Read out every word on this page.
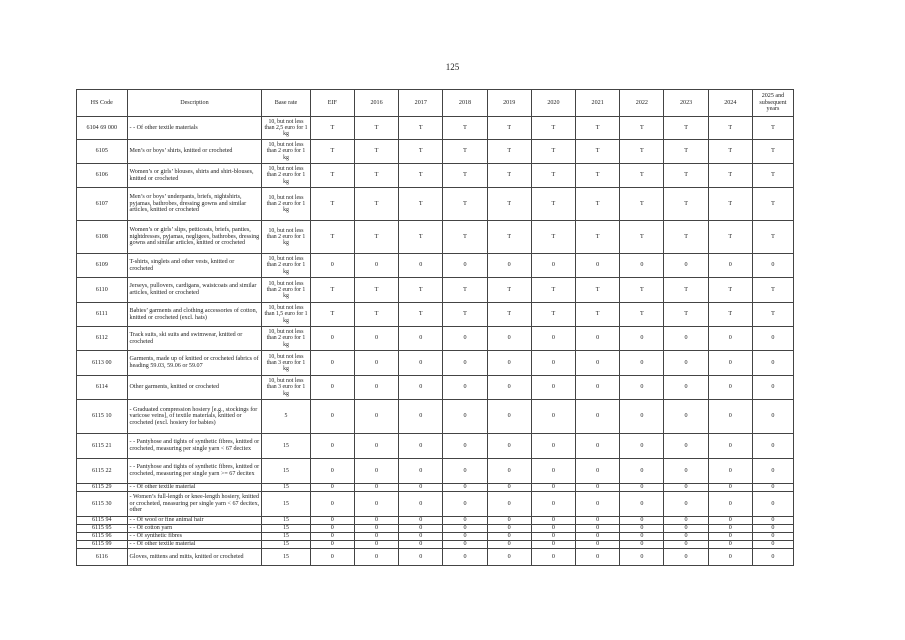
125
HS Code	Description	Base rate	EIF	2016	2017	2018	2019	2020	2021	2022	2023	2024	2025 and subsequent years
6104 69 000	- - Of other textile materials	10, but not less than 2,5 euro for 1 kg	T	T	T	T	T	T	T	T	T	T	T
6105	Men’s or boys’ shirts, knitted or crocheted	10, but not less than 2 euro for 1 kg	T	T	T	T	T	T	T	T	T	T	T
6106	Women’s or girls’ blouses, shirts and shirt-blouses, knitted or crocheted	10, but not less than 2 euro for 1 kg	T	T	T	T	T	T	T	T	T	T	T
6107	Men’s or boys’ underpants, briefs, nightshirts, pyjamas, bathrobes, dressing gowns and similar articles, knitted or crocheted	10, but not less than 2 euro for 1 kg	T	T	T	T	T	T	T	T	T	T	T
6108	Women’s or girls’ slips, petticoats, briefs, panties, nightdresses, pyjamas, negligees, bathrobes, dressing gowns and similar articles, knitted or crocheted	10, but not less than 2 euro for 1 kg	T	T	T	T	T	T	T	T	T	T	T
6109	T-shirts, singlets and other vests, knitted or crocheted	10, but not less than 2 euro for 1 kg	0	0	0	0	0	0	0	0	0	0	0
6110	Jerseys, pullovers, cardigans, waistcoats and similar articles, knitted or crocheted	10, but not less than 2 euro for 1 kg	T	T	T	T	T	T	T	T	T	T	T
6111	Babies’ garments and clothing accessories of cotton, knitted or crocheted (excl. hats)	10, but not less than 1,5 euro for 1 kg	T	T	T	T	T	T	T	T	T	T	T
6112	Track suits, ski suits and swimwear, knitted or crocheted	10, but not less than 2 euro for 1 kg	0	0	0	0	0	0	0	0	0	0	0
6113 00	Garments, made up of knitted or crocheted fabrics of heading 59.03, 59.06 or 59.07	10, but not less than 3 euro for 1 kg	0	0	0	0	0	0	0	0	0	0	0
6114	Other garments, knitted or crocheted	10, but not less than 3 euro for 1 kg	0	0	0	0	0	0	0	0	0	0	0
6115 10	- Graduated compression hosiery [e.g., stockings for varicose veins], of textile materials, knitted or crocheted (excl. hosiery for babies)	5	0	0	0	0	0	0	0	0	0	0	0
6115 21	- - Pantyhose and tights of synthetic fibres, knitted or crocheted, measuring per single yarn < 67 decitex	15	0	0	0	0	0	0	0	0	0	0	0
6115 22	- - Pantyhose and tights of synthetic fibres, knitted or crocheted, measuring per single yarn >= 67 decitex	15	0	0	0	0	0	0	0	0	0	0	0
6115 29	- - Of other textile material	15	0	0	0	0	0	0	0	0	0	0	0
6115 30	- Women’s full-length or knee-length hosiery, knitted or crocheted, measuring per single yarn < 67 decitex, other	15	0	0	0	0	0	0	0	0	0	0	0
6115 94	- - Of wool or fine animal hair	15	0	0	0	0	0	0	0	0	0	0	0
6115 95	- - Of cotton yarn	15	0	0	0	0	0	0	0	0	0	0	0
6115 96	- - Of synthetic fibres	15	0	0	0	0	0	0	0	0	0	0	0
6115 99	- - Of other textile material	15	0	0	0	0	0	0	0	0	0	0	0
6116	Gloves, mittens and mitts, knitted or crocheted	15	0	0	0	0	0	0	0	0	0	0	0
